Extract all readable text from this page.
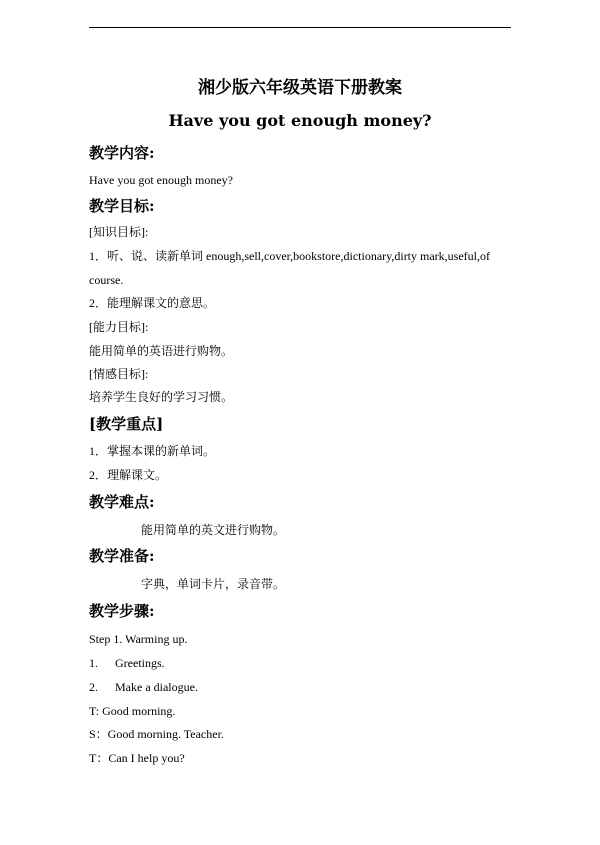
湘少版六年级英语下册教案
Have you got enough money?
教学内容:
Have you got enough money?
教学目标:
[知识目标]:
1．听、说、读新单词 enough,sell,cover,bookstore,dictionary,dirty mark,useful,of
course.
2．能理解课文的意思。
[能力目标]:
能用简单的英语进行购物。
[情感目标]:
培养学生良好的学习习惯。
[教学重点]
1．掌握本课的新单词。
2．理解课文。
教学难点:
能用简单的英文进行购物。
教学准备:
字典，单词卡片，录音带。
教学步骤:
Step 1. Warming up.
1. Greetings.
2. Make a dialogue.
T: Good morning.
S：Good morning. Teacher.
T：Can I help you?
